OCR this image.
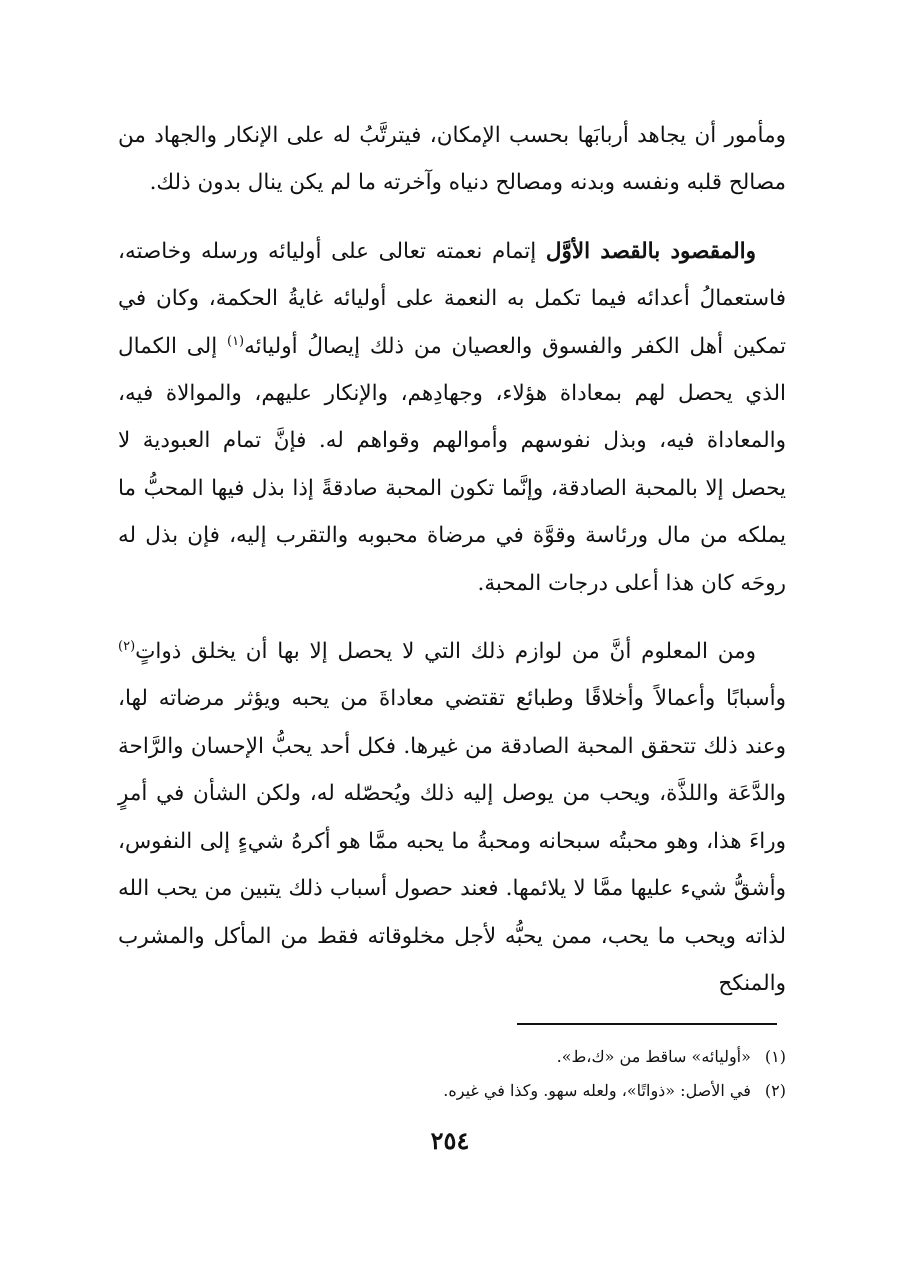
ومأمور أن يجاهد أربابَها بحسب الإمكان، فيترتَّبُ له على الإنكار والجهاد من مصالح قلبه ونفسه وبدنه ومصالح دنياه وآخرته ما لم يكن ينال بدون ذلك.

والمقصود بالقصد الأوَّل إتمام نعمته تعالى على أوليائه ورسله وخاصته، فاستعمالُ أعدائه فيما تكمل به النعمة على أوليائه غايةُ الحكمة، وكان في تمكين أهل الكفر والفسوق والعصيان من ذلك إيصالُ أوليائه$^{(١)}$ إلى الكمال الذي يحصل لهم بمعاداة هؤلاء، وجهادِهم، والإنكار عليهم، والموالاة فيه، والمعاداة فيه، وبذل نفوسهم وأموالهم وقواهم له. فإنَّ تمام العبودية لا يحصل إلا بالمحبة الصادقة، وإنَّما تكون المحبة صادقةً إذا بذل فيها المحبُّ ما يملكه من مال ورئاسة وقوَّة في مرضاة محبوبه والتقرب إليه، فإن بذل له روحَه كان هذا أعلى درجات المحبة.

ومن المعلوم أنَّ من لوازم ذلك التي لا يحصل إلا بها أن يخلق ذواتٍ$^{(٢)}$ وأسبابًا وأعمالاً وأخلاقًا وطبائع تقتضي معاداةَ من يحبه ويؤثر مرضاته لها، وعند ذلك تتحقق المحبة الصادقة من غيرها. فكل أحد يحبُّ الإحسان والرَّاحة والدَّعَة واللذَّة، ويحب من يوصل إليه ذلك ويُحصّله له، ولكن الشأن في أمرٍ وراءَ هذا، وهو محبتُه سبحانه ومحبةُ ما يحبه ممَّا هو أكرهُ شيءٍ إلى النفوس، وأشقُّ شيء عليها ممَّا لا يلائمها. فعند حصول أسباب ذلك يتبين من يحب الله لذاته ويحب ما يحب، ممن يحبُّه لأجل مخلوقاته فقط من المأكل والمشرب والمنكح

(١)«أوليائه» ساقط من «ك،ط».
(٢)في الأصل: «ذواتًا»، ولعله سهو. وكذا في غيره.
٢٥٤
